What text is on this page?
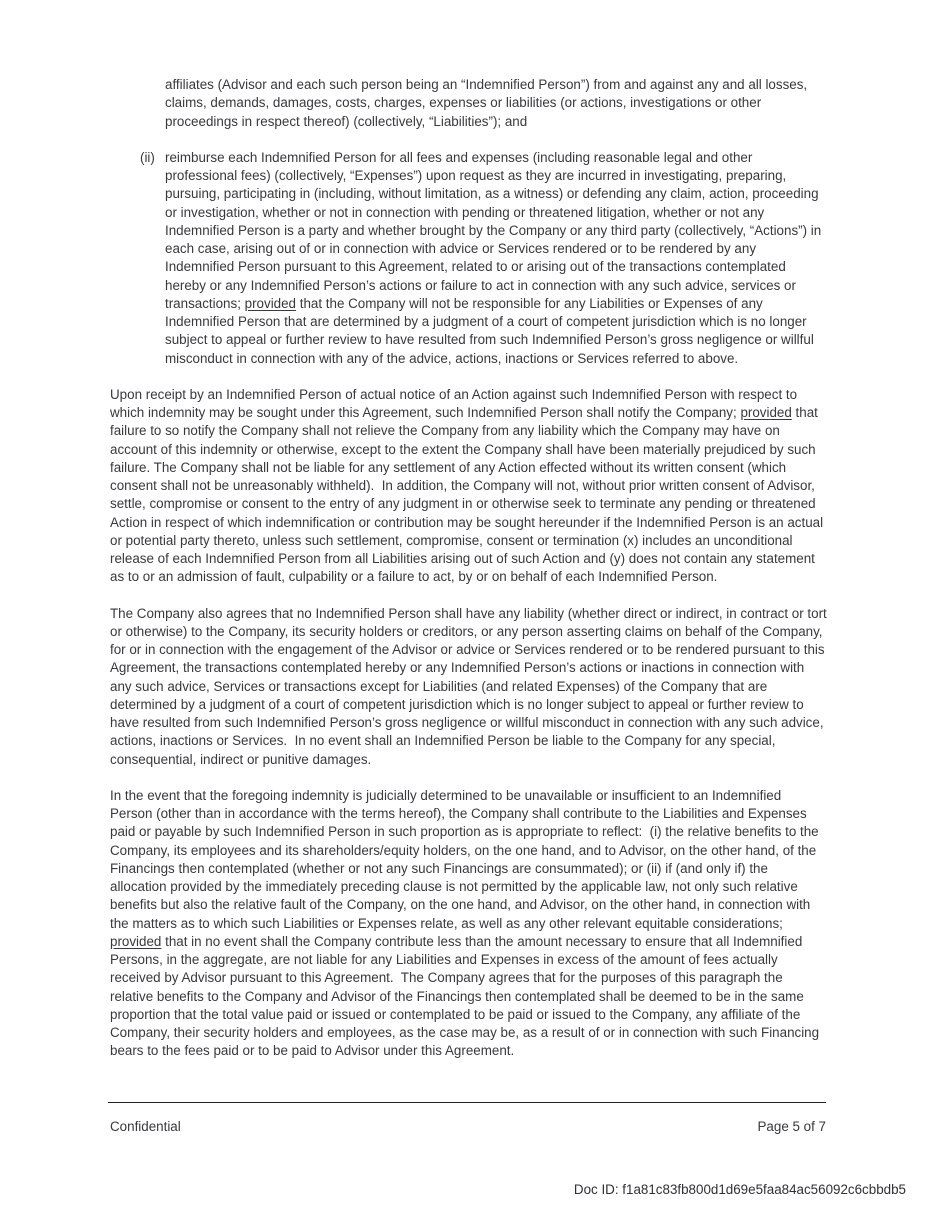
affiliates (Advisor and each such person being an “Indemnified Person”) from and against any and all losses, claims, demands, damages, costs, charges, expenses or liabilities (or actions, investigations or other proceedings in respect thereof) (collectively, “Liabilities”); and
(ii) reimburse each Indemnified Person for all fees and expenses (including reasonable legal and other professional fees) (collectively, “Expenses”) upon request as they are incurred in investigating, preparing, pursuing, participating in (including, without limitation, as a witness) or defending any claim, action, proceeding or investigation, whether or not in connection with pending or threatened litigation, whether or not any Indemnified Person is a party and whether brought by the Company or any third party (collectively, “Actions”) in each case, arising out of or in connection with advice or Services rendered or to be rendered by any Indemnified Person pursuant to this Agreement, related to or arising out of the transactions contemplated hereby or any Indemnified Person’s actions or failure to act in connection with any such advice, services or transactions; provided that the Company will not be responsible for any Liabilities or Expenses of any Indemnified Person that are determined by a judgment of a court of competent jurisdiction which is no longer subject to appeal or further review to have resulted from such Indemnified Person’s gross negligence or willful misconduct in connection with any of the advice, actions, inactions or Services referred to above.

Upon receipt by an Indemnified Person of actual notice of an Action against such Indemnified Person with respect to which indemnity may be sought under this Agreement, such Indemnified Person shall notify the Company; provided that failure to so notify the Company shall not relieve the Company from any liability which the Company may have on account of this indemnity or otherwise, except to the extent the Company shall have been materially prejudiced by such failure. The Company shall not be liable for any settlement of any Action effected without its written consent (which consent shall not be unreasonably withheld).  In addition, the Company will not, without prior written consent of Advisor, settle, compromise or consent to the entry of any judgment in or otherwise seek to terminate any pending or threatened Action in respect of which indemnification or contribution may be sought hereunder if the Indemnified Person is an actual or potential party thereto, unless such settlement, compromise, consent or termination (x) includes an unconditional release of each Indemnified Person from all Liabilities arising out of such Action and (y) does not contain any statement as to or an admission of fault, culpability or a failure to act, by or on behalf of each Indemnified Person.

The Company also agrees that no Indemnified Person shall have any liability (whether direct or indirect, in contract or tort or otherwise) to the Company, its security holders or creditors, or any person asserting claims on behalf of the Company, for or in connection with the engagement of the Advisor or advice or Services rendered or to be rendered pursuant to this Agreement, the transactions contemplated hereby or any Indemnified Person’s actions or inactions in connection with any such advice, Services or transactions except for Liabilities (and related Expenses) of the Company that are determined by a judgment of a court of competent jurisdiction which is no longer subject to appeal or further review to have resulted from such Indemnified Person’s gross negligence or willful misconduct in connection with any such advice, actions, inactions or Services.  In no event shall an Indemnified Person be liable to the Company for any special, consequential, indirect or punitive damages.

In the event that the foregoing indemnity is judicially determined to be unavailable or insufficient to an Indemnified Person (other than in accordance with the terms hereof), the Company shall contribute to the Liabilities and Expenses paid or payable by such Indemnified Person in such proportion as is appropriate to reflect:  (i) the relative benefits to the Company, its employees and its shareholders/equity holders, on the one hand, and to Advisor, on the other hand, of the Financings then contemplated (whether or not any such Financings are consummated); or (ii) if (and only if) the allocation provided by the immediately preceding clause is not permitted by the applicable law, not only such relative benefits but also the relative fault of the Company, on the one hand, and Advisor, on the other hand, in connection with the matters as to which such Liabilities or Expenses relate, as well as any other relevant equitable considerations; provided that in no event shall the Company contribute less than the amount necessary to ensure that all Indemnified Persons, in the aggregate, are not liable for any Liabilities and Expenses in excess of the amount of fees actually received by Advisor pursuant to this Agreement.  The Company agrees that for the purposes of this paragraph the relative benefits to the Company and Advisor of the Financings then contemplated shall be deemed to be in the same proportion that the total value paid or issued or contemplated to be paid or issued to the Company, any affiliate of the Company, their security holders and employees, as the case may be, as a result of or in connection with such Financing bears to the fees paid or to be paid to Advisor under this Agreement.

Confidential	Page 5 of 7
Doc ID: f1a81c83fb800d1d69e5faa84ac56092c6cbbdb5
